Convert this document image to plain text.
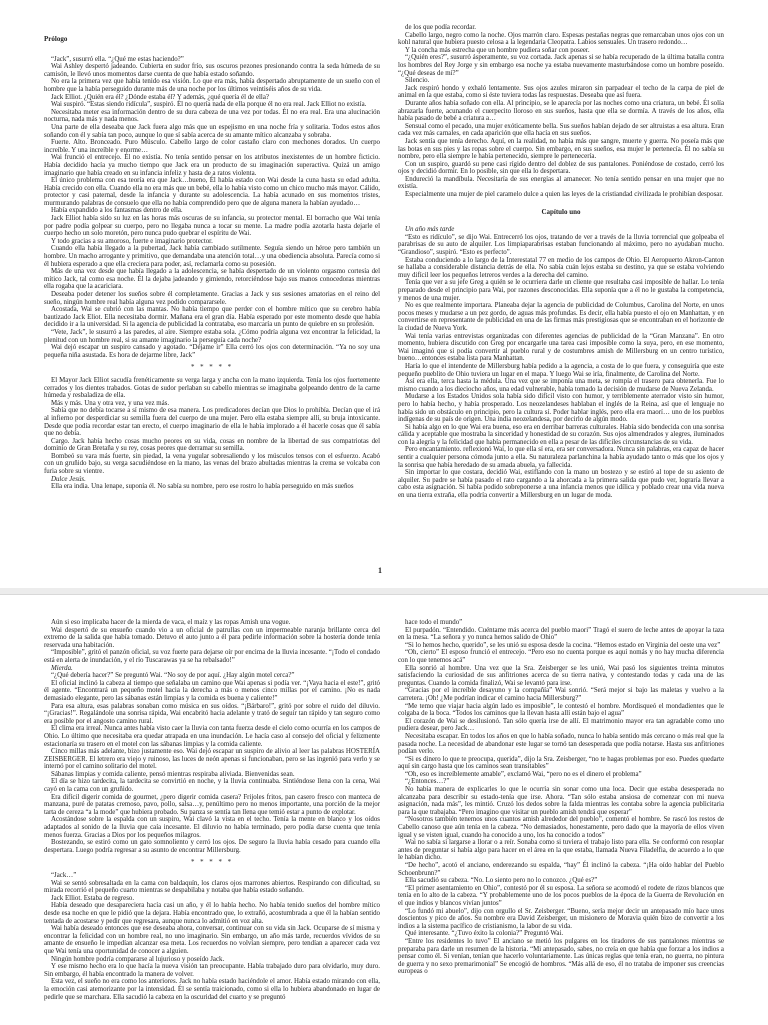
Prólogo

“Jack”, susurró ella. “¿Qué me estas haciendo?”

Wai Ashley despertó jadeando. Cubierta en sudor frío, sus oscuros pezones presionando contra la seda húmeda de su camisón, le llevó unos momentos darse cuenta de que había estado soñando.

No era la primera vez que había tenido esa visión. Lo que era más, había despertado abruptamente de un sueño con el hombre que la había perseguido durante más de una noche por los últimos veintiséis años de su vida.

Jack Elliot. ¿Quién era él? ¿Dónde estaba él? Y además, ¿qué quería él de ella?

Wai suspiró. “Estas siendo ridícula”, suspiró. Él no quería nada de ella porque él no era real. Jack Elliot no existía.

Necesitaba meter esa información dentro de su dura cabeza de una vez por todas. Él no era real. Era una alucinación nocturna, nada más y nada menos.

Una parte de ella deseaba que Jack fuera algo más que un espejismo en una noche fría y solitaria. Todos estos años soñando con él y sabía tan poco, aunque lo que sí sabía acerca de su amante mítico alcanzaba y sobraba.

Fuerte. Alto. Bronceado. Puro Músculo. Cabello largo de color castaño claro con mechones dorados. Un cuerpo increíble. Y una increíble y enorme…

Wai frunció el entrecejo. Él no existía. No tenía sentido pensar en los atributos inexistentes de un hombre ficticio. Había decidido hacía ya mucho tiempo que Jack era un producto de su imaginación superactiva. Quizá un amigo imaginario que había creado en su infancia infeliz y hasta de a ratos violenta.

El único problema con esa teoría era que Jack…bueno, Él había estado con Wai desde la cuna hasta su edad adulta. Había crecido con ella. Cuando ella no era más que un bebé, ella lo había visto como un chico mucho más mayor. Cálido, protector y casi paternal, desde la infancia y durante su adolescencia. La había acunado en sus momentos tristes, murmurando palabras de consuelo que ella no había comprendido pero que de alguna manera la habían ayudado…

Había expandido a los fantasmas dentro de ella.

Jack Elliot había sido su luz en las horas más oscuras de su infancia, su protector mental. El borracho que Wai tenía por padre podía golpear su cuerpo, pero no llegaba nunca a tocar su mente. La madre podía azotarla hasta dejarle el cuerpo hecho un solo moretón, pero nunca pudo quebrar el espíritu de Wai.

Y todo gracias a su amoroso, fuerte e imaginario protector.

Cuando ella había llegado a la pubertad, Jack había cambiado sutilmente. Seguía siendo un héroe pero también un hombre. Un macho arrogante y primitivo, que demandaba una atención total…y una obediencia absoluta. Parecía como si él hubiera esperado a que ella creciera para poder, así, reclamarla como su posesión.

Más de una vez desde que había llegado a la adolescencia, se había despertado de un violento orgasmo cortesía del mítico Jack, tal como esa noche. Él la dejaba jadeando y gimiendo, retorciéndose bajo sus manos conocedoras mientras ella rogaba que la acariciara.

Deseaba poder detener los sueños sobre él completamente. Gracias a Jack y sus sesiones amatorias en el reino del sueño, ningún hombre real había alguna vez podido compararsele.

Acostada, Wai se cubrió con las mantas. No había tiempo que perder con el hombre mítico que su cerebro había bautizado Jack Eliot. Ella necesitaba dormir. Mañana era el gran día. Había esperado por este momento desde que había decidido ir a la universidad. Si la agencia de publicidad la contrataba, eso marcaría un punto de quiebre en su profesión.

“Vete, Jack”, le susurró a las paredes, al aire. Siempre estaba sola. ¿Cómo podría alguna vez encontrar la felicidad, la plenitud con un hombre real, si su amante imaginario la perseguía cada noche?

Wai dejó escapar un suspiro cansado y agotado. “Déjame ir” Ella cerró los ojos con determinación. “Ya no soy una pequeña niña asustada. Es hora de dejarme libre, Jack”

* * * * *

El Mayor Jack Elliot sacudía frenéticamente su verga larga y ancha con la mano izquierda. Tenía los ojos fuertemente cerrados y los dientes trabados. Gotas de sudor perlaban su cabello mientras se imaginaba golpeando dentro de la carne húmeda y resbaladiza de ella.

Más y más. Una y otra vez, y una vez más.

Sabía que no debía tocarse a sí mismo de esa manera. Los predicadores decían que Dios lo prohibía. Decían que el irá al infierno por desperdiciar su semilla fuera del cuerpo de una mujer. Pero ella estaba siempre allí, su bruja intoxicante. Desde que podía recordar estar tan erecto, el cuerpo imaginario de ella le había implorado a él hacerle cosas que él sabía que no debía.

Cargo. Jack había hecho cosas mucho peores en su vida, cosas en nombre de la libertad de sus compatriotas del dominio de Gran Bretaña y su rey, cosas peores que derramar su semilla.

Bombeó su vara más fuerte, sin piedad, la vena yugular sobresaliendo y los músculos tensos con el esfuerzo. Acabó con un gruñido bajo, su verga sacudiéndose en la mano, las venas del brazo abultadas mientras la crema se volcaba con furia sobre su vientre.

Dulce Jesús.

Ella era india. Una lenape, suponía él. No sabía su nombre, pero ese rostro lo había perseguido en más sueños

de los que podía recordar.

Cabello largo, negro como la noche. Ojos marrón claro. Espesas pestañas negras que remarcaban unos ojos con un kohl natural que hubiera puesto celosa a la legendaria Cleopatra. Labios sensuales. Un trasero redondo…

Y la concha más estrecha que un hombre pudiera soñar con poseer.

“¿Quién eres?”, susurró ásperamente, su voz cortada. Jack apenas si se había recuperado de la última batalla contra los hombres del Rey Jorge y sin embargo esa noche ya estaba nuevamente masturbándose como un hombre poseído. “¿Qué deseas de mí?”

Silencio.

Jack respiró hondo y exhaló lentamente. Sus ojos azules miraron sin parpadear el techo de la carpa de piel de animal en la que estaba, como si éste tuviera todas las respuestas. Deseaba que así fuera.

Durante años había soñado con ella. Al principio, se le aparecía por las noches como una criatura, un bebé. Él solía abrazarla fuerte, acunando el cuerpecito lloroso en sus sueños, hasta que ella se dormía. A través de los años, ella había pasado de bebé a criatura a…

Sensual como el pecado, una mujer exóticamente bella. Sus sueños habían dejado de ser altruistas a esa altura. Eran cada vez más carnales, en cada aparición que ella hacía en sus sueños.

Jack sentía que tenía derecho. Aquí, en la realidad, no había más que sangre, muerte y guerra. No poseía más que las botas en sus pies y las ropas sobre el cuerpo. Sin embargo, en sus sueños, esa mujer le pertenecía. Él no sabía su nombre, pero ella siempre le había pertenecido, siempre le pertenecería.

Con un suspiro, guardó su pene casi rígido dentro del doblez de sus pantalones. Poniéndose de costado, cerró los ojos y decidió dormir. En lo posible, sin que ella lo despertara.

Endureció la mandíbula. Necesitaría de sus energías al amanecer. No tenía sentido pensar en una mujer que no existía.

Especialmente una mujer de piel caramelo dulce a quien las leyes de la cristiandad civilizada le prohibían desposar.

Capítulo uno

Un año más tarde

“Esto es ridículo”, se dijo Wai. Entrecerró los ojos, tratando de ver a través de la lluvia torrencial que golpeaba el parabrisas de su auto de alquiler. Los limpiaparabrisas estaban funcionando al máximo, pero no ayudaban mucho. “Grandioso”, suspiró. “Esto es perfecto”.

Estaba conduciendo a lo largo de la Interestatal 77 en medio de los campos de Ohio. El Aeropuerto Akron-Canton se hallaba a considerable distancia detrás de ella. No sabía cuán lejos estaba su destino, ya que se estaba volviendo muy difícil leer los pequeños letreros verdes a la derecha del camino.

Tenía que ver a su jefe Greg a quién se le ocurriera darle un cliente que resultaba casi imposible de hallar. Lo tenía preparado desde el principio para Wai, por razones desconocidas. Ella suponía que a él no le gustaba la competencia, y menos de una mujer.

No es que realmente importara. Planeaba dejar la agencia de publicidad de Columbus, Carolina del Norte, en unos pocos meses y mudarse a un pez gordo, de aguas más profundas. Es decir, ella había puesto el ojo en Manhattan, y en convertirse en representante de publicidad en una de las firmas más prestigiosas que se encontraban en el horizonte de la ciudad de Nueva York.

Wai tenía varias entrevistas organizadas con diferentes agencias de publicidad de la “Gran Manzana”. En otro momento, hubiera discutido con Greg por encargarle una tarea casi imposible como la suya, pero, en ese momento, Wai imaginó que si podía convertir al pueblo rural y de costumbres amish de Millersburg en un centro turístico, bueno…entonces estaba lista para Manhattan.

Haría lo que el intendente de Millersburg había pedido a la agencia, a costa de lo que fuera, y conseguiría que este pequeño pueblito de Ohio tuviera un lugar en el mapa. Y luego Wai se iría, finalmente, de Carolina del Norte.

Así era ella, terca hasta la médula. Una vez que se imponía una meta, se rompía el trasero para obtenerla. Fue lo mismo cuando a los dieciocho años, una edad vulnerable, había tomado la decisión de mudarse de Nueva Zelanda.

Mudarse a los Estados Unidos sola había sido difícil visto con humor, y terriblemente aterrador visto sin humor, pero lo había hecho, y había prosperado. Los neozelandeses hablaban el inglés de la Reina, así que el lenguaje no había sido un obstáculo en principio, pero la cultura sí. Poder hablar inglés, pero ella era maorí… uno de los pueblos indígenas de su país de origen. Una india neozelandesa, por decirlo de algún modo.

Si había algo en lo que Wai era buena, eso era en derribar barreras culturales. Había sido bendecida con una sonrisa cálida y aceptable que mostraba la sinceridad y honestidad de su corazón. Sus ojos almendrados y alegres, iluminados con la alegría y la felicidad que había permanecido en ella a pesar de las difíciles circunstancias de su vida.

Pero encantamiento. reflexionó Wai, lo que ella sí era, era ser conversadora. Nunca sin palabras, era capaz de hacer sentir a cualquier persona cómoda junto a ella. Su naturaleza parlanchina la había ayudado tanto o más que los ojos y la sonrisa que había heredado de su amada abuela, ya fallecida.

Sin importar lo que costara, decidió Wai, estiflando con la mano un bostezo y se estiró al tope de su asiento de alquiler. Su padre se había pasado el rato cargando a la ahorcada a la primera salida que pudo ver, lograría llevar a cabo esta asignación. Si había podido sobreponerse a una infancia menos que idílica y poblado crear una vida nueva en una tierra extraña, ella podría convertir a Millersburg en un lugar de moda.

1

Aún si eso implicaba hacer de la mierda de vaca, el maíz y las ropas Amish una vogue.

Wai despertó de su ensueño cuando vio a un oficial de patrullas con un impermeable naranja brillante cerca del extremo de la salida que había tomado. Detuvo el auto junto a él para pedirle información sobre la hostería donde tenía reservada una habitación.

“Imposible”, gritó el panzón oficial, su voz fuerte para dejarse oír por encima de la lluvia incesante. “¡Todo el condado está en alerta de inundación, y el río Tuscarawas ya se ha rebalsado!”

Mierda.

“¿Qué debería hacer?” Se preguntó Wai. “No soy de por aquí. ¿Hay algún motel cerca?”

El oficial inclinó la cabeza al tiempo que señalaba un camino que Wai apenas si podía ver. “¡Vaya hacia el este!”, gritó él agente. “Encontrará un pequeño motel hacia la derecha a más o menos cinco millas por el camino. ¡No es nada demasiado elegante, pero las sábanas están limpias y la comida es buena y caliente!”

Para esa altura, esas palabras sonaban como música en sus oídos. “¡Bárbaro!”, gritó por sobre el ruido del diluvio. “¡Gracias!”. Regalándole una sonrisa rápida, Wai encabritó hacia adelante y trató de seguir tan rápido y tan seguro como era posible por el angosto camino rural.

El clima era irreal. Nunca antes había visto caer la lluvia con tanta fuerza desde el cielo como ocurría en los campos de Ohio. Lo último que necesitaba era quedar atrapada en una inundación. Le hacía caso al consejo del oficial y felizmente estacionaría su trasero en el motel con las sábanas limpias y la comida caliente.

Cinco millas más adelante, bizo justamente eso. Wai dejó escapar un suspiro de alivio al leer las palabras HOSTERÍA ZEISBERGER. El letrero era viejo y ruinoso, las luces de neón apenas si funcionaban, pero se las ingenió para verlo y se internó por el camino solitario del motel.

Sábanas limpias y comida caliente, pensó mientras respiraba aliviada. Bienvenidas sean.

El día se hizo tardecita, la tardecita se convirtió en noche, y la lluvia continuaba. Sintiéndose llena con la cena, Wai cayó en la cama con un gruñido.

Era difícil digerir comida de gourmet, ¿pero digerir comida casera? Frijoles fritos, pan casero fresco con manteca de manzana, puré de patatas cremoso, pavo, pollo, salsa…y, penúltimo pero no menos importante, una porción de la mejor tarta de cereza “a la mode” que hubiera probado. Su panza se sentía tan llena que temió estar a punto de explotar.

Acostándose sobre la espalda con un suspiro, Wai clavó la vista en el techo. Tenía la mente en blanco y los oídos adaptados al sonido de la lluvia que caía incesante. El diluvio no había terminado, pero podía darse cuenta que tenía menos fuerza. Gracias a Dios por los pequeños milagros.

Bostezando, se estiró como un gato somnoliento y cerró los ojos. De seguro la lluvia había cesado para cuando ella despertara. Luego podría regresar a su asunto de encontrar Millersburg.

* * * * *

“Jack…”

Wai se sentó sobresaltada en la cama con baldaquín, los claros ojos marrones abiertos. Respirando con dificultad, su mirada recorrió el pequeño cuarto mientras se despabilaba y notaba que había estado soñando.

Jack Elliot. Estaba de regreso.

Había deseado que desapareciera hacía casi un año, y él lo había hecho. No había tenido sueños del hombre mítico desde esa noche en que le pidió que la dejara. Había encontrado que, lo extrañó, acostumbrada a que él la habían sentido tentada de acostarse y pedir que regresara, aunque nunca lo admitió en voz alta.

Wai había deseado entonces que ese deseaba ahora, conversar, continuar con su vida sin Jack. Ocuparse de sí misma y encontrar la felicidad con un hombre real, no uno imaginario. Sin embargo, un año más tarde, recuerdos vívidos de su amante de ensueño le impedían alcanzar esa meta. Los recuerdos no volvían siempre, pero tendían a aparecer cada vez que Wai tenía una oportunidad de conocer a alguien.

Ningún hombre podría compararse al lujurioso y poseído Jack.

Y ese mismo hecho era lo que hacía la nueva visión tan preocupante. Había trabajado duro para olvidarlo, muy duro. Sin embargo, él había encontrado la manera de volver.

Esta vez, el sueño no era como los anteriores. Jack no había estado haciéndole el amor. Había estado mirando con ella, la emoción casi atemorizante por la intensidad. Él se sentía traicionado, como si ella lo hubiera abandonado en lugar de pedirle que se marchara. Ella sacudió la cabeza en la oscuridad del cuarto y se preguntó

hace todo el mundo”

El purpadón. “Entendido. Cuéntame más acerca del pueblo maori” Tragó el suero de leche antes de apoyar la taza en la mesa. “La señora y yo nunca hemos salido de Ohio”

“Si lo hemos hecho, querido”, se les unió su esposa desde la cocina. “Hemos estado en Virginia del oeste una vez”

“Oh, cierto” El esposo frunció el entrecejo. “Pero eso no cuenta porque es aquí nomás y no hay mucha diferencia con lo que tenemos acá”

Ella sonrió al hombre. Una vez que la Sra. Zeisberger se les unió, Wai pasó los siguientes treinta minutos satisfaciendo la curiosidad de sus anfitriones acerca de su tierra nativa, y contestando todas y cada una de las preguntas. Cuando la comida finalizó, Wai se levantó para irse.

“Gracias por el increíble desayuno y la compañía” Wai sonrió. “Será mejor si bajo las maletas y vuelvo a la carretera. ¡Oh! ¿Me podrían indicar el camino hacia Millersburg?”

“Me temo que viajar hacia algún lado es imposible”, le contestó el hombre. Mordisqueó el mondadientes que le colgaba de la boca. “Todos los caminos que la llevan hasta allí están bajo el agua”

El corazón de Wai se desilusionó. Tan sólo quería irse de allí. El matrimonio mayor era tan agradable como uno pudiera desear, pero Jack…

Necesitaba escapar. En todos los años en que lo había soñado, nunca lo había sentido más cercano o más real que la pasada noche. La necesidad de abandonar este lugar se tornó tan desesperada que podía notarse. Hasta sus anfitriones podían verlo.

“Si es dinero lo que te preocupa, querida”, dijo la Sra. Zeisberger, “no te hagas problemas por eso. Puedes quedarte aquí sin cargo hasta que los caminos sean transitables”

“Oh, eso es increíblemente amable”, exclamó Wai, “pero no es el dinero el problema”

“¿Entonces…?”

No había manera de explicarles lo que le ocurría sin sonar como una loca. Decir que estaba desesperada no alcanzaba para describir su estado-tenía que irse. Ahora. “Tan sólo estaba ansiosa de comenzar con mi nueva asignación, nada más”, les mintió. Cruzó los dedos sobre la falda mientras les contaba sobre la agencia publicitaria para la que trabajaba. “Pero imagino que visitar un pueblo amish tendrá que esperar”

“Nosotros también tenemos unos cuantos amish alrededor del pueblo”, comentó el hombre. Se rascó los restos de Cabello canoso que aún tenía en la cabeza. “No demasiados, honestamente, pero dado que la mayoría de ellos viven igual y se visten igual, cuando ha conocido a uno, los ha conocido a todos”

Wai no sabía si largarse a llorar o a reír. Sonaba como si tuviera el trabajo listo para ella. Se conformó con resoplar antes de preguntar si había algo para hacer en el área en la que estaba, llamada Nueva Filadelfia, de acuerdo a lo que le habían dicho.

“De hecho”, acotó el anciano, enderezando su espalda, “hay” Él inclinó la cabeza. “¡Ha oído hablar del Pueblo Schoenbrunn?”

Ella sacudió su cabeza. “No. Lo siento pero no lo conozco. ¿Qué es?”

“El primer asentamiento en Ohio”, contestó por él su esposa. La señora se acomodó el rodete de rizos blancos que tenía en lo alto de la cabeza. “Y probablemente uno de los pocos pueblos de la época de la Guerra de Revolución en el que indios y blancos vivían juntos”

“Lo fundó mi abuelo”, dijo con orgullo el Sr. Zeisberger. “Bueno, sería mejor decir un antepasado mío hace unos doscientos y pico de años. Su nombre era David Zeisberger, un misionero de Moravia quién bizo de convertir a los indios a la sistema pacífico de cristianismo, la labor de su vida.

Qué interesante. “¿Tuvo éxito la colonia?” Preguntó Wai.

“Entre los residentes lo tuvo” El anciano se metió los pulgares en los tiradores de sus pantalones mientras se preparaba para darle un resumen de la historia. “Mi antepasado, sabes, no creía en que había que forzar a los indios a pensar como él. Si venían, tenían que hacerlo voluntariamente. Las únicas reglas que tenía eran, no guerra, no pintura de guerra y no sexo premarimonial” Se encogió de hombros. “Más allá de eso, él no trataba de imponer sus creencias europeas o
